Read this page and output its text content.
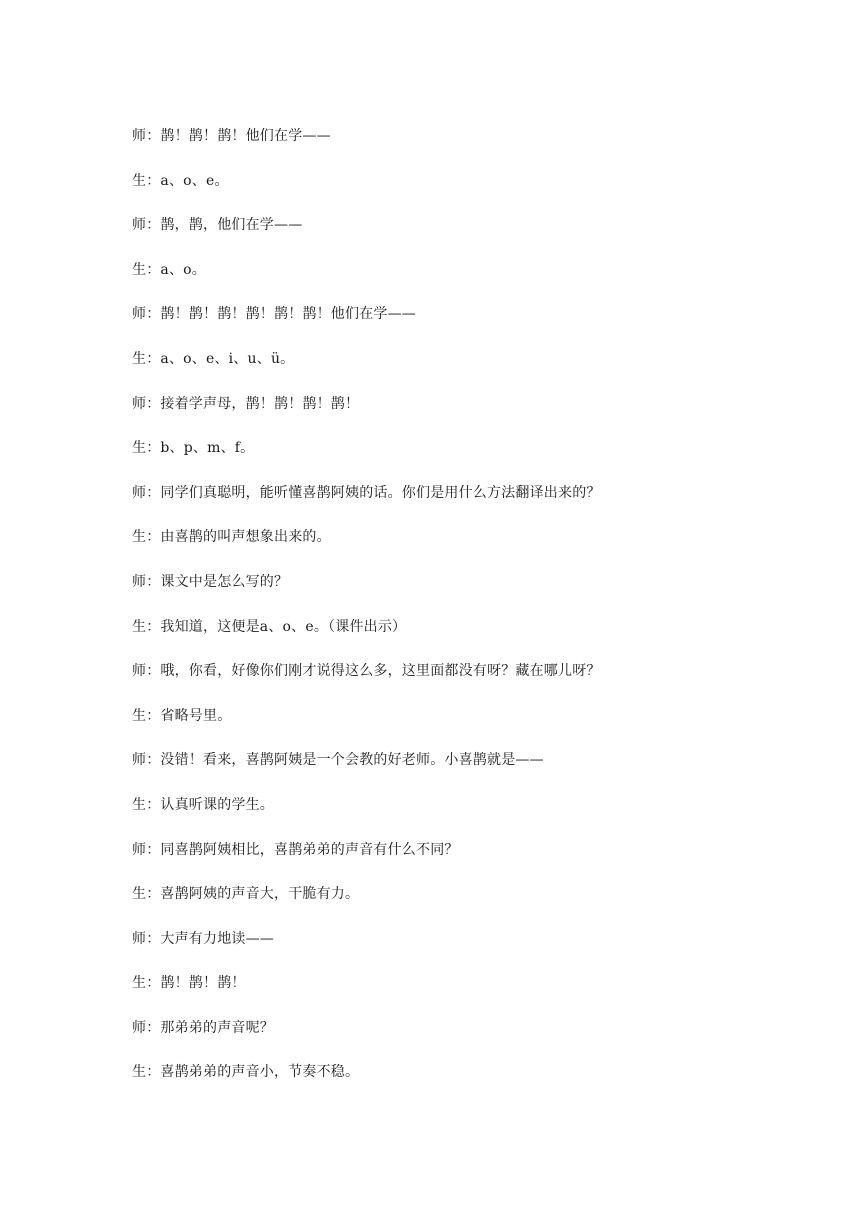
师：鹊！鹊！鹊！他们在学——
生：a、o、e。
师：鹊，鹊，他们在学——
生：a、o。
师：鹊！鹊！鹊！鹊！鹊！鹊！他们在学——
生：a、o、e、i、u、ü。
师：接着学声母，鹊！鹊！鹊！鹊！
生：b、p、m、f。
师：同学们真聪明，能听懂喜鹊阿姨的话。你们是用什么方法翻译出来的？
生：由喜鹊的叫声想象出来的。
师：课文中是怎么写的？
生：我知道，这便是a、o、e。（课件出示）
师：哦，你看，好像你们刚才说得这么多，这里面都没有呀？藏在哪儿呀？
生：省略号里。
师：没错！看来，喜鹊阿姨是一个会教的好老师。小喜鹊就是——
生：认真听课的学生。
师：同喜鹊阿姨相比，喜鹊弟弟的声音有什么不同？
生：喜鹊阿姨的声音大，干脆有力。
师：大声有力地读——
生：鹊！鹊！鹊！
师：那弟弟的声音呢？
生：喜鹊弟弟的声音小，节奏不稳。
